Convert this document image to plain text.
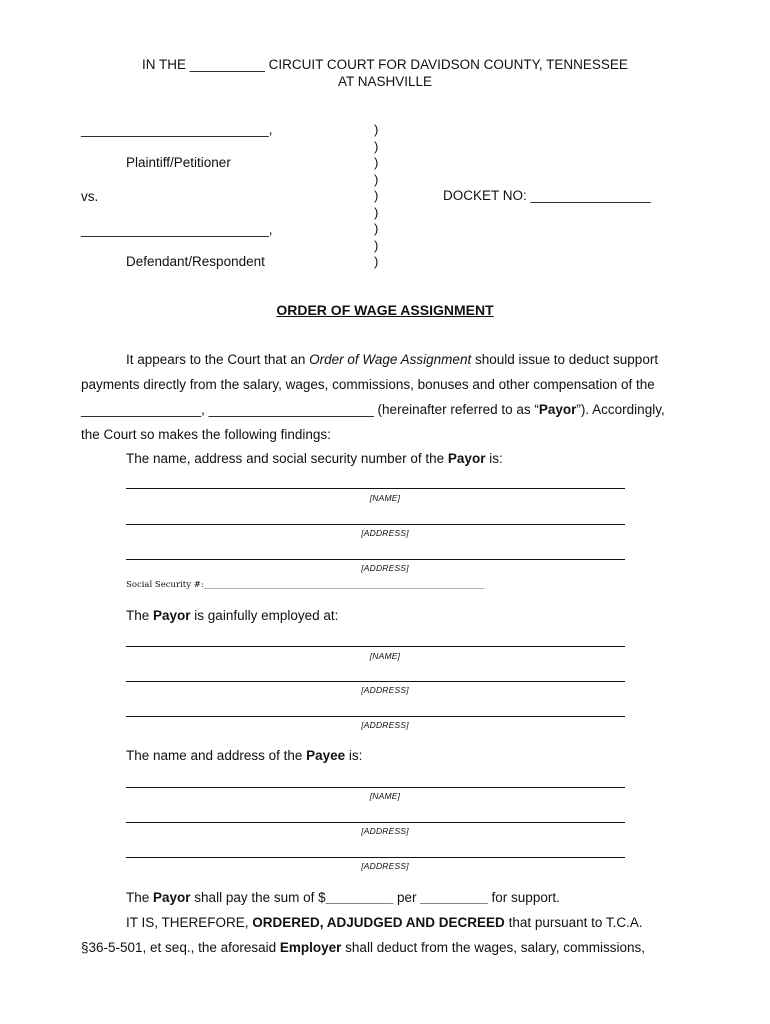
IN THE __________ CIRCUIT COURT FOR DAVIDSON COUNTY, TENNESSEE
AT NASHVILLE
_________________________,
Plaintiff/Petitioner
vs.
_________________________,
Defendant/Respondent
DOCKET NO: ________________
)
)
)
)
)
)
)
)
)
ORDER OF WAGE ASSIGNMENT
It appears to the Court that an Order of Wage Assignment should issue to deduct support
payments directly from the salary, wages, commissions, bonuses and other compensation of the
________________, ______________________ (hereinafter referred to as “Payor”). Accordingly,
the Court so makes the following findings:
The name, address and social security number of the Payor is:
[NAME]
[ADDRESS]
[ADDRESS]
Social Security #:__________________________________________________________________
The Payor is gainfully employed at:
[NAME]
[ADDRESS]
[ADDRESS]
The name and address of the Payee is:
[NAME]
[ADDRESS]
[ADDRESS]
The Payor shall pay the sum of $_________ per _________ for support.
IT IS, THEREFORE, ORDERED, ADJUDGED AND DECREED that pursuant to T.C.A.
§36-5-501, et seq., the aforesaid Employer shall deduct from the wages, salary, commissions,
